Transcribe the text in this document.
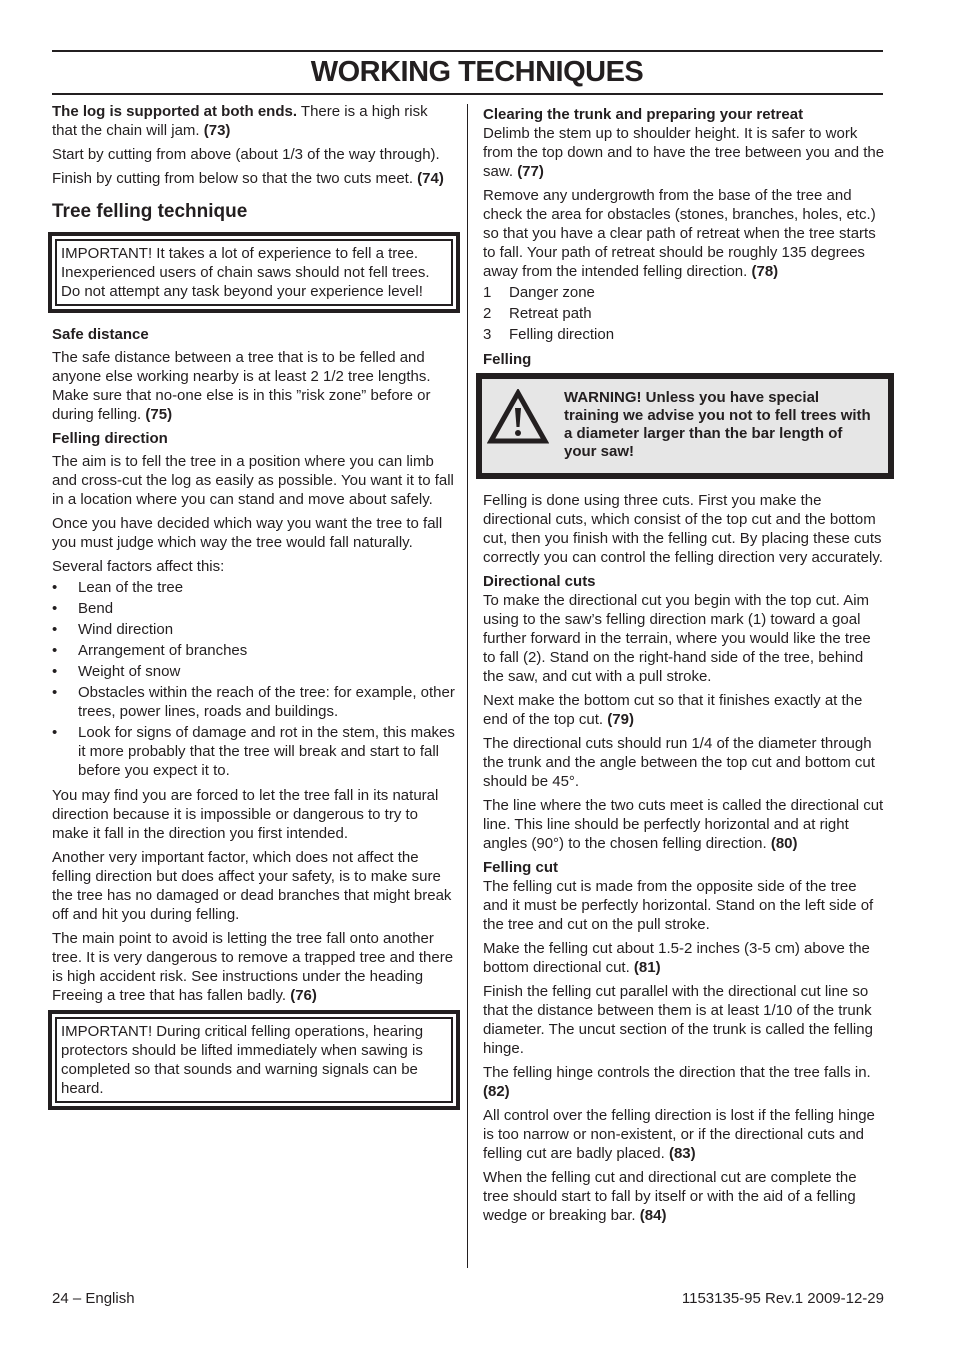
WORKING TECHNIQUES
The log is supported at both ends. There is a high risk that the chain will jam. (73)
Start by cutting from above (about 1/3 of the way through).
Finish by cutting from below so that the two cuts meet. (74)
Tree felling technique
IMPORTANT! It takes a lot of experience to fell a tree. Inexperienced users of chain saws should not fell trees. Do not attempt any task beyond your experience level!
Safe distance
The safe distance between a tree that is to be felled and anyone else working nearby is at least 2 1/2 tree lengths. Make sure that no-one else is in this ”risk zone” before or during felling. (75)
Felling direction
The aim is to fell the tree in a position where you can limb and cross-cut the log as easily as possible. You want it to fall in a location where you can stand and move about safely.
Once you have decided which way you want the tree to fall you must judge which way the tree would fall naturally.
Several factors affect this:
•	Lean of the tree
•	Bend
•	Wind direction
•	Arrangement of branches
•	Weight of snow
•	Obstacles within the reach of the tree: for example, other trees, power lines, roads and buildings.
•	Look for signs of damage and rot in the stem, this makes it more probably that the tree will break and start to fall before you expect it to.
You may find you are forced to let the tree fall in its natural direction because it is impossible or dangerous to try to make it fall in the direction you first intended.
Another very important factor, which does not affect the felling direction but does affect your safety, is to make sure the tree has no damaged or dead branches that might break off and hit you during felling.
The main point to avoid is letting the tree fall onto another tree. It is very dangerous to remove a trapped tree and there is high accident risk. See instructions under the heading Freeing a tree that has fallen badly. (76)
IMPORTANT! During critical felling operations, hearing protectors should be lifted immediately when sawing is completed so that sounds and warning signals can be heard.
Clearing the trunk and preparing your retreat
Delimb the stem up to shoulder height. It is safer to work from the top down and to have the tree between you and the saw. (77)
Remove any undergrowth from the base of the tree and check the area for obstacles (stones, branches, holes, etc.) so that you have a clear path of retreat when the tree starts to fall. Your path of retreat should be roughly 135 degrees away from the intended felling direction. (78)
1	Danger zone
2	Retreat path
3	Felling direction
Felling
WARNING! Unless you have special training we advise you not to fell trees with a diameter larger than the bar length of your saw!
Felling is done using three cuts. First you make the directional cuts, which consist of the top cut and the bottom cut, then you finish with the felling cut. By placing these cuts correctly you can control the felling direction very accurately.
Directional cuts
To make the directional cut you begin with the top cut. Aim using to the saw’s felling direction mark (1) toward a goal further forward in the terrain, where you would like the tree to fall (2). Stand on the right-hand side of the tree, behind the saw, and cut with a pull stroke.
Next make the bottom cut so that it finishes exactly at the end of the top cut. (79)
The directional cuts should run 1/4 of the diameter through the trunk and the angle between the top cut and bottom cut should be 45°.
The line where the two cuts meet is called the directional cut line. This line should be perfectly horizontal and at right angles (90°) to the chosen felling direction. (80)
Felling cut
The felling cut is made from the opposite side of the tree and it must be perfectly horizontal. Stand on the left side of the tree and cut on the pull stroke.
Make the felling cut about 1.5-2 inches (3-5 cm) above the bottom directional cut. (81)
Finish the felling cut parallel with the directional cut line so that the distance between them is at least 1/10 of the trunk diameter. The uncut section of the trunk is called the felling hinge.
The felling hinge controls the direction that the tree falls in. (82)
All control over the felling direction is lost if the felling hinge is too narrow or non-existent, or if the directional cuts and felling cut are badly placed. (83)
When the felling cut and directional cut are complete the tree should start to fall by itself or with the aid of a felling wedge or breaking bar. (84)
24 – English	1153135-95 Rev.1 2009-12-29
